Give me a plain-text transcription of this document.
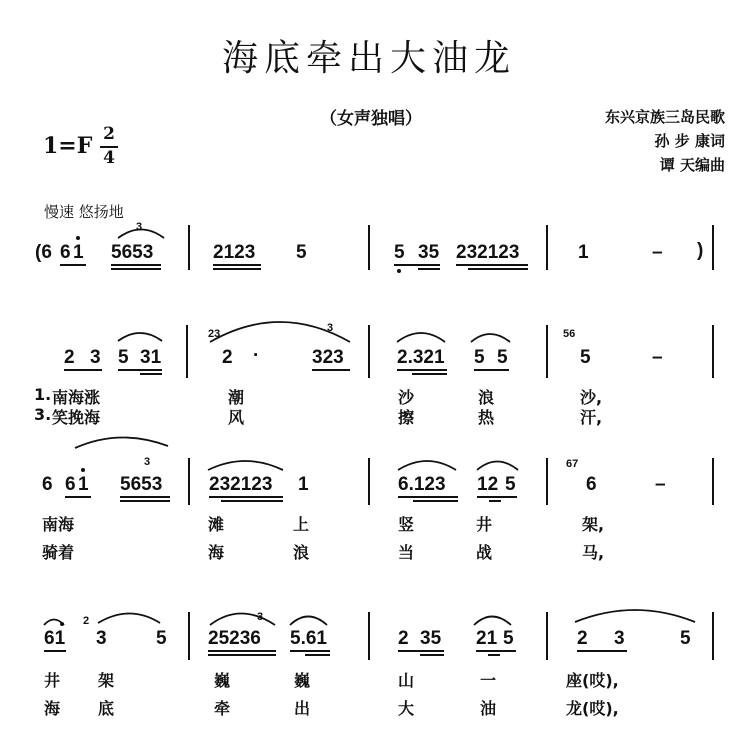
海底牵出大油龙
（女声独唱）	东兴京族三岛民歌
孙 步 康词
谭 天编曲
1=F 2
4
慢速 悠扬地
3
3
3
3
(6 6 1 5653	2123 5	5 35 232123	1	– )
2 3 5 31
23
2 ·	323	2.321 5 5
56
5	–
1. 南海涨	潮	沙	浪	沙,
3. 笑挽海	风	擦	热	汗,
6 6 1 5653 232123 1	6.123 12 5
67
6	–
南海	滩	上	竖	井	架,
骑着	海	浪	当	战	马,
61
2
3	5 25236 5.61	2 35 21 5	2 3	5
井 架	巍	巍	山	一	座(哎),
海 底	牵	出	大	油	龙(哎),
